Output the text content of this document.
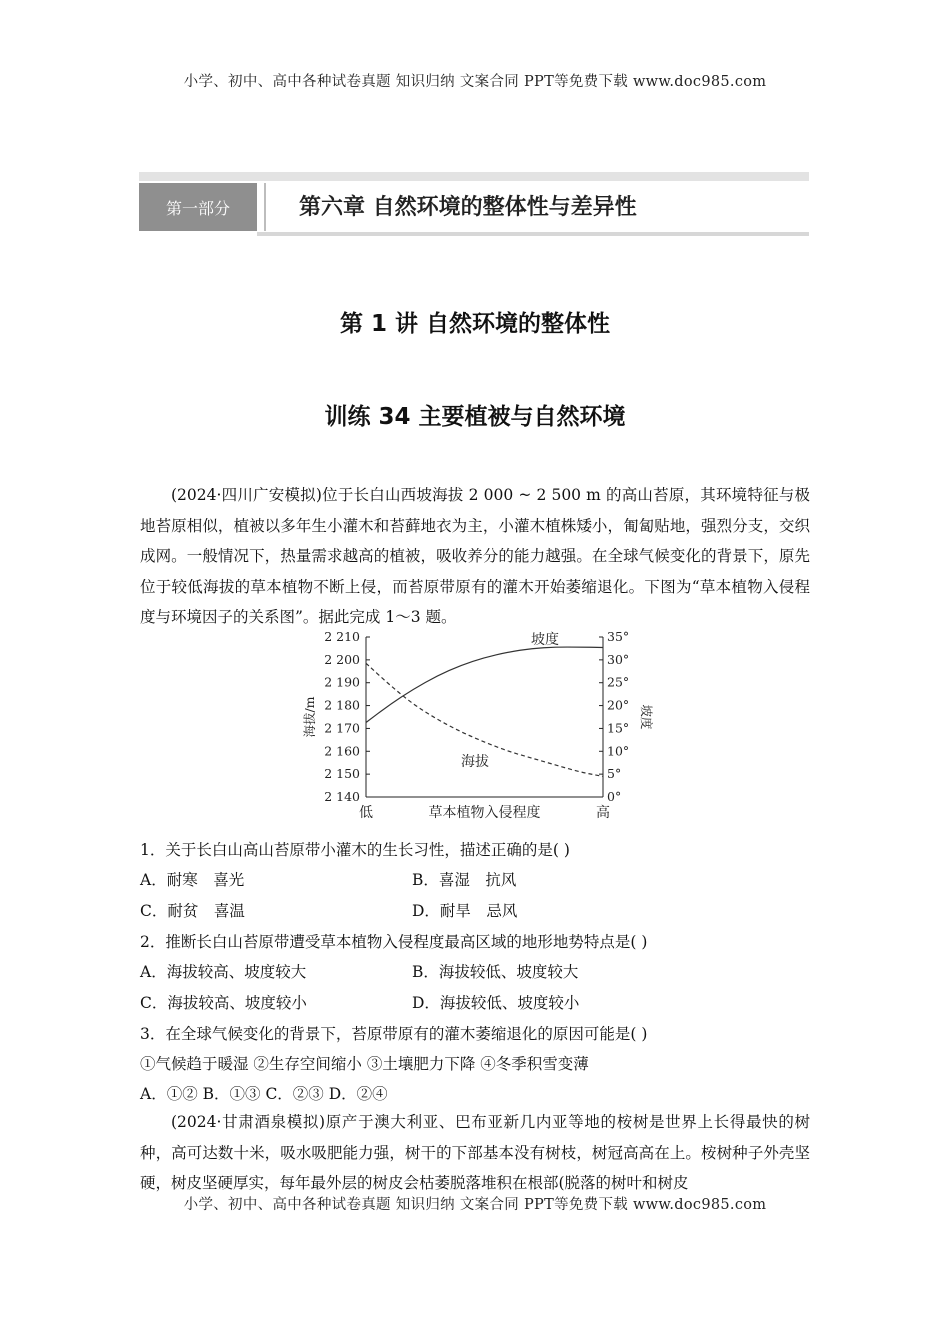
小学、初中、高中各种试卷真题 知识归纳 文案合同 PPT等免费下载 www.doc985.com
第一部分	第六章 自然环境的整体性与差异性
第 1 讲 自然环境的整体性
训练 34 主要植被与自然环境
(2024·四川广安模拟)位于长白山西坡海拔 2 000 ~ 2 500 m 的高山苔原，其环境特征与极地苔原相似，植被以多年生小灌木和苔藓地衣为主，小灌木植株矮小，匍匐贴地，强烈分支，交织成网。一般情况下，热量需求越高的植被，吸收养分的能力越强。在全球气候变化的背景下，原先位于较低海拔的草本植物不断上侵，而苔原带原有的灌木开始萎缩退化。下图为“草本植物入侵程度与环境因子的关系图”。据此完成 1～3 题。
2 210
2 200
2 190
2 180
2 170
2 160
2 150
2 140
35°
30°
25°
20°
15°
10°
5°
0°
海拔/m	坡度
低	高
草本植物入侵程度
坡度
海拔
1．关于长白山高山苔原带小灌木的生长习性，描述正确的是( )
A．耐寒　喜光	B．喜湿　抗风
C．耐贫　喜温	D．耐旱　忌风
2．推断长白山苔原带遭受草本植物入侵程度最高区域的地形地势特点是( )
A．海拔较高、坡度较大	B．海拔较低、坡度较大
C．海拔较高、坡度较小	D．海拔较低、坡度较小
3．在全球气候变化的背景下，苔原带原有的灌木萎缩退化的原因可能是( )
①气候趋于暖湿 ②生存空间缩小 ③土壤肥力下降 ④冬季积雪变薄
A．①② B．①③ C．②③ D．②④
(2024·甘肃酒泉模拟)原产于澳大利亚、巴布亚新几内亚等地的桉树是世界上长得最快的树种，高可达数十米，吸水吸肥能力强，树干的下部基本没有树枝，树冠高高在上。桉树种子外壳坚硬，树皮坚硬厚实，每年最外层的树皮会枯萎脱落堆积在根部(脱落的树叶和树皮
小学、初中、高中各种试卷真题 知识归纳 文案合同 PPT等免费下载 www.doc985.com
